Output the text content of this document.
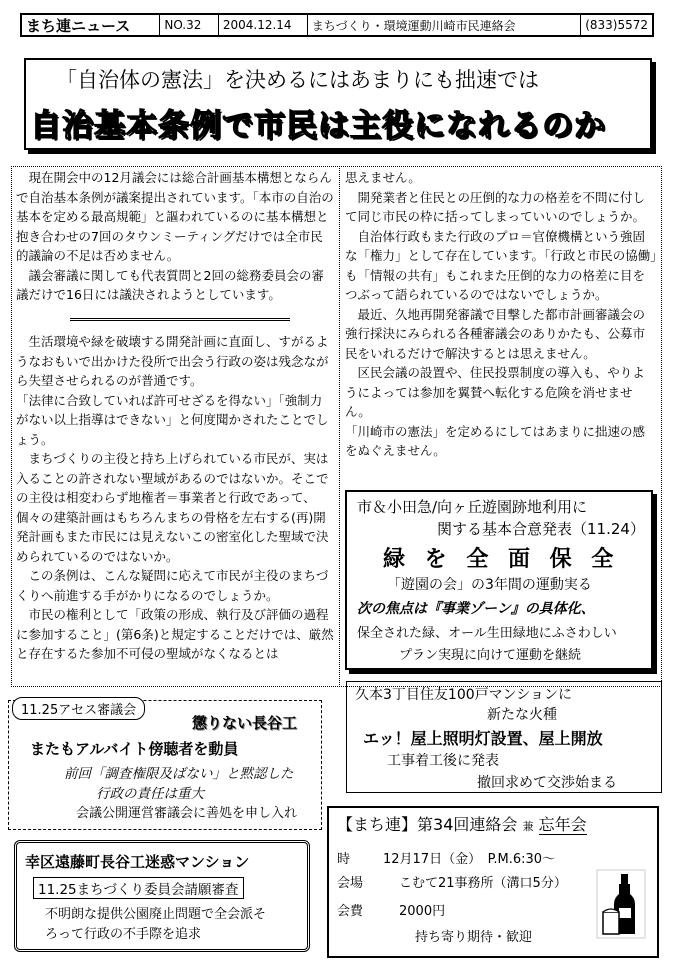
まち連ニュース	NO.32	2004.12.14	まちづくり・環境運動川崎市民連絡会	(833)5572
「自治体の憲法」を決めるにはあまりにも拙速では
自治基本条例で市民は主役になれるのか

　現在開会中の12月議会には総合計画基本構想とならんで自治基本条例が議案提出されています。「本市の自治の基本を定める最高規範」と謳われているのに基本構想と抱き合わせの7回のタウンミーティングだけでは全市民的議論の不足は否めません。

　議会審議に関しても代表質問と2回の総務委員会の審議だけで16日には議決されようとしています。

　生活環境や緑を破壊する開発計画に直面し、すがるようなおもいで出かけた役所で出会う行政の姿は残念ながら失望させられるのが普通です。

「法律に合致していれば許可せざるを得ない」「強制力がない以上指導はできない」と何度聞かされたことでしょう。

　まちづくりの主役と持ち上げられている市民が、実は入ることの許されない聖域があるのではないか。そこでの主役は相変わらず地権者＝事業者と行政であって、個々の建築計画はもちろんまちの骨格を左右する(再)開発計画もまた市民には見えないこの密室化した聖域で決められているのではないか。

　この条例は、こんな疑問に応えて市民が主役のまちづくりへ前進する手がかりになるのでしょうか。

　市民の権利として「政策の形成、執行及び評価の過程に参加すること」(第6条)と規定することだけでは、厳然と存在するた参加不可侵の聖域がなくなるとは

思えません。

　開発業者と住民との圧倒的な力の格差を不問に付して同じ市民の枠に括ってしまっていいのでしょうか。

　自治体行政もまた行政のプロ＝官僚機構という強固な「権力」として存在しています。「行政と市民の協働」も「情報の共有」もこれまた圧倒的な力の格差に目をつぶって語られているのではないでしょうか。

　最近、久地再開発審議で目撃した都市計画審議会の強行採決にみられる各種審議会のありかたも、公募市民をいれるだけで解決するとは思えません。

　区民会議の設置や、住民投票制度の導入も、やりようによっては参加を翼賛へ転化する危険を消せません。

「川崎市の憲法」を定めるにしてはあまりに拙速の感をぬぐえません。

市＆小田急/向ヶ丘遊園跡地利用に
関する基本合意発表（11.24）
緑 を 全 面 保 全
「遊園の会」の3年間の運動実る
次の焦点は『事業ゾーン』の具体化、
保全された緑、オール生田緑地にふさわしい
プラン実現に向けて運動を継続
久本3丁目住友100戸マンションに
新たな火種
エッ！屋上照明灯設置、屋上開放
工事着工後に発表
撤回求めて交渉始まる
11.25アセス審議会
懲りない長谷工
またもアルバイト傍聴者を動員
前回「調査権限及ばない」と黙認した
行政の責任は重大
会議公開運営審議会に善処を申し入れ
幸区遠藤町長谷工迷惑マンション
11.25まちづくり委員会請願審査
不明朗な提供公園廃止問題で全会派そ
ろって行政の不手際を追求
【まち連】第34回連絡会 兼 忘年会
時	12月17日（金）　P.M.6:30～
会場	こむて21事務所（溝口5分）
会費	2000円
持ち寄り期待・歓迎
